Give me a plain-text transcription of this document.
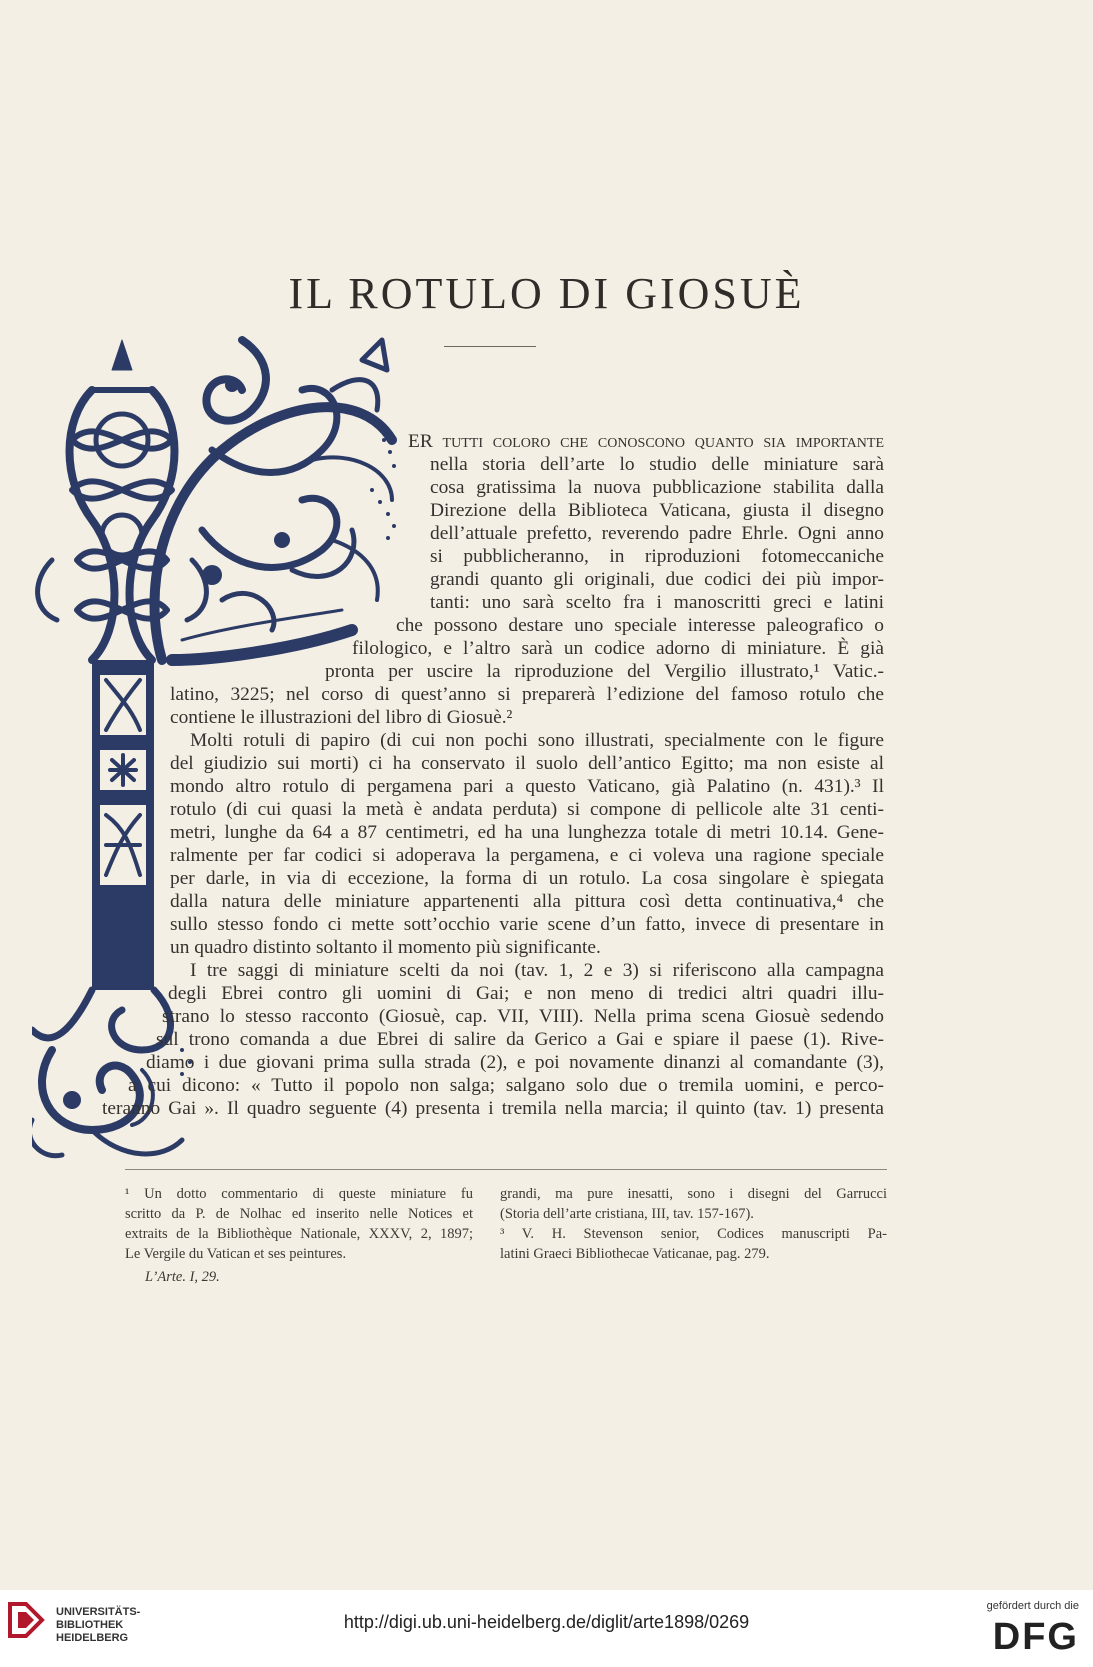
IL ROTULO DI GIOSUÈ
ER tutti coloro che conoscono quanto sia importante
nella storia dell’arte lo studio delle miniature sarà
cosa gratissima la nuova pubblicazione stabilita dalla
Direzione della Biblioteca Vaticana, giusta il disegno
dell’attuale prefetto, reverendo padre Ehrle. Ogni anno
si pubblicheranno, in riproduzioni fotomeccaniche
grandi quanto gli originali, due codici dei più impor-
tanti: uno sarà scelto fra i manoscritti greci e latini
che possono destare uno speciale interesse paleografico o
filologico, e l’altro sarà un codice adorno di miniature. È già
pronta per uscire la riproduzione del Vergilio illustrato,¹ Vatic.-
latino, 3225; nel corso di quest’anno si preparerà l’edizione del famoso rotulo che
contiene le illustrazioni del libro di Giosuè.²
Molti rotuli di papiro (di cui non pochi sono illustrati, specialmente con le figure
del giudizio sui morti) ci ha conservato il suolo dell’antico Egitto; ma non esiste al
mondo altro rotulo di pergamena pari a questo Vaticano, già Palatino (n. 431).³ Il
rotulo (di cui quasi la metà è andata perduta) si compone di pellicole alte 31 centi-
metri, lunghe da 64 a 87 centimetri, ed ha una lunghezza totale di metri 10.14. Gene-
ralmente per far codici si adoperava la pergamena, e ci voleva una ragione speciale
per darle, in via di eccezione, la forma di un rotulo. La cosa singolare è spiegata
dalla natura delle miniature appartenenti alla pittura così detta continuativa,⁴ che
sullo stesso fondo ci mette sott’occhio varie scene d’un fatto, invece di presentare in
un quadro distinto soltanto il momento più significante.
I tre saggi di miniature scelti da noi (tav. 1, 2 e 3) si riferiscono alla campagna
degli Ebrei contro gli uomini di Gai; e non meno di tredici altri quadri illu-
strano lo stesso racconto (Giosuè, cap. VII, VIII). Nella prima scena Giosuè sedendo
sul trono comanda a due Ebrei di salire da Gerico a Gai e spiare il paese (1). Rive-
diamo i due giovani prima sulla strada (2), e poi novamente dinanzi al comandante (3),
a cui dicono: « Tutto il popolo non salga; salgano solo due o tremila uomini, e perco-
teranno Gai ». Il quadro seguente (4) presenta i tremila nella marcia; il quinto (tav. 1) presenta
¹ Un dotto commentario di queste miniature fu
scritto da P. de Nolhac ed inserito nelle Notices et
extraits de la Bibliothèque Nationale, XXXV, 2, 1897;
Le Vergile du Vatican et ses peintures.
L’Arte. I, 29.
grandi, ma pure inesatti, sono i disegni del Garrucci
(Storia dell’arte cristiana, III, tav. 157-167).
³ V. H. Stevenson senior, Codices manuscripti Pa-
latini Graeci Bibliothecae Vaticanae, pag. 279.
UNIVERSITÄTS-
BIBLIOTHEK
HEIDELBERG
http://digi.ub.uni-heidelberg.de/diglit/arte1898/0269
gefördert durch die
DFG
